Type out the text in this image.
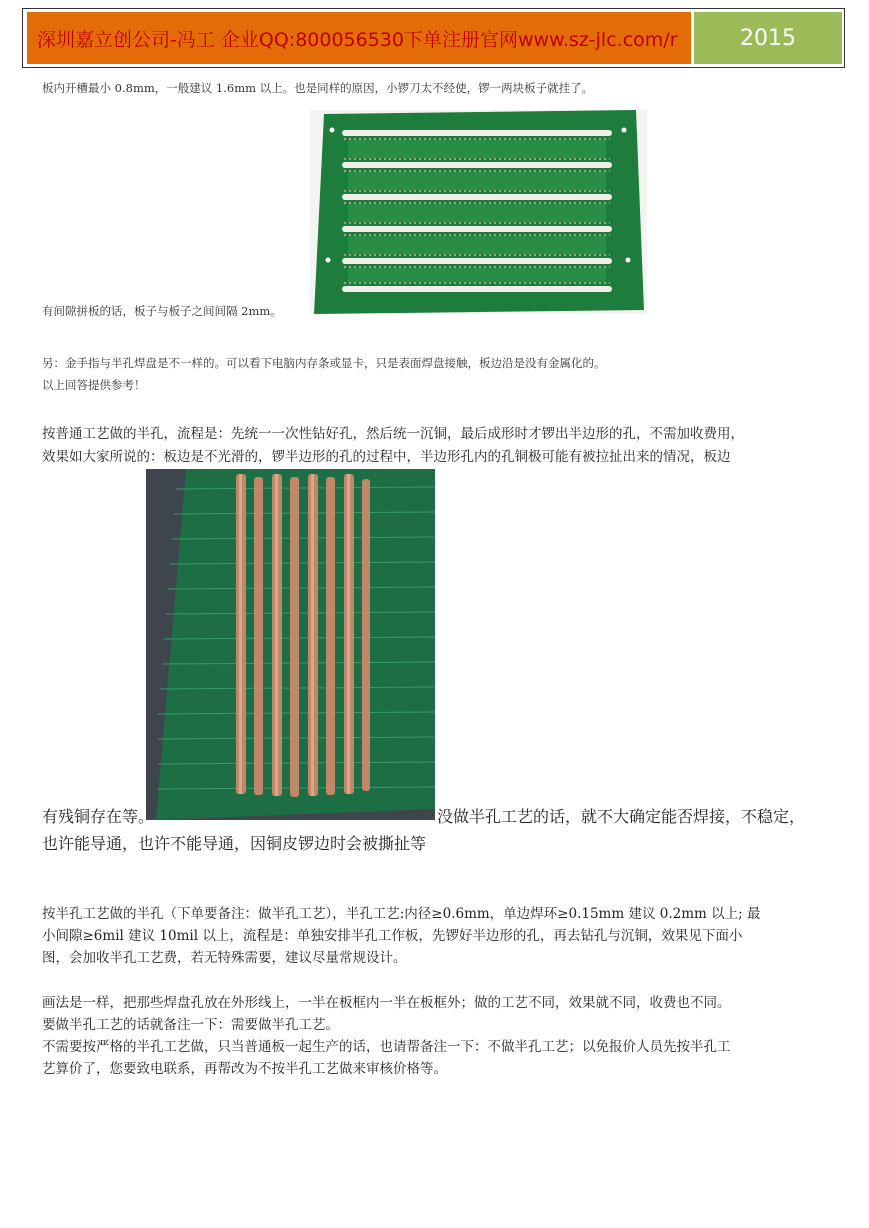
深圳嘉立创公司-冯工 企业QQ:800056530下单注册官网www.sz-jlc.com/r	2015
板内开槽最小 0.8mm，一般建议 1.6mm 以上。也是同样的原因，小锣刀太不经使，锣一两块板子就挂了。
有间隙拼板的话，板子与板子之间间隔 2mm。
另：金手指与半孔焊盘是不一样的。可以看下电脑内存条或显卡，只是表面焊盘接触，板边沿是没有金属化的。
以上回答提供参考！
按普通工艺做的半孔，流程是：先统一一次性钻好孔，然后统一沉铜，最后成形时才锣出半边形的孔，不需加收费用，
效果如大家所说的：板边是不光滑的，锣半边形的孔的过程中，半边形孔内的孔铜极可能有被拉扯出来的情况，板边
有残铜存在等。	没做半孔工艺的话，就不大确定能否焊接，不稳定，
也许能导通，也许不能导通，因铜皮锣边时会被撕扯等
按半孔工艺做的半孔（下单要备注：做半孔工艺），半孔工艺:内径≥0.6mm，单边焊环≥0.15mm 建议 0.2mm 以上; 最
小间隙≥6mil 建议 10mil 以上，流程是：单独安排半孔工作板，先锣好半边形的孔，再去钻孔与沉铜，效果见下面小
图，会加收半孔工艺费，若无特殊需要，建议尽量常规设计。
画法是一样，把那些焊盘孔放在外形线上，一半在板框内一半在板框外；做的工艺不同，效果就不同，收费也不同。
要做半孔工艺的话就备注一下：需要做半孔工艺。
不需要按严格的半孔工艺做，只当普通板一起生产的话，也请帮备注一下：不做半孔工艺；以免报价人员先按半孔工
艺算价了，您要致电联系，再帮改为不按半孔工艺做来审核价格等。
